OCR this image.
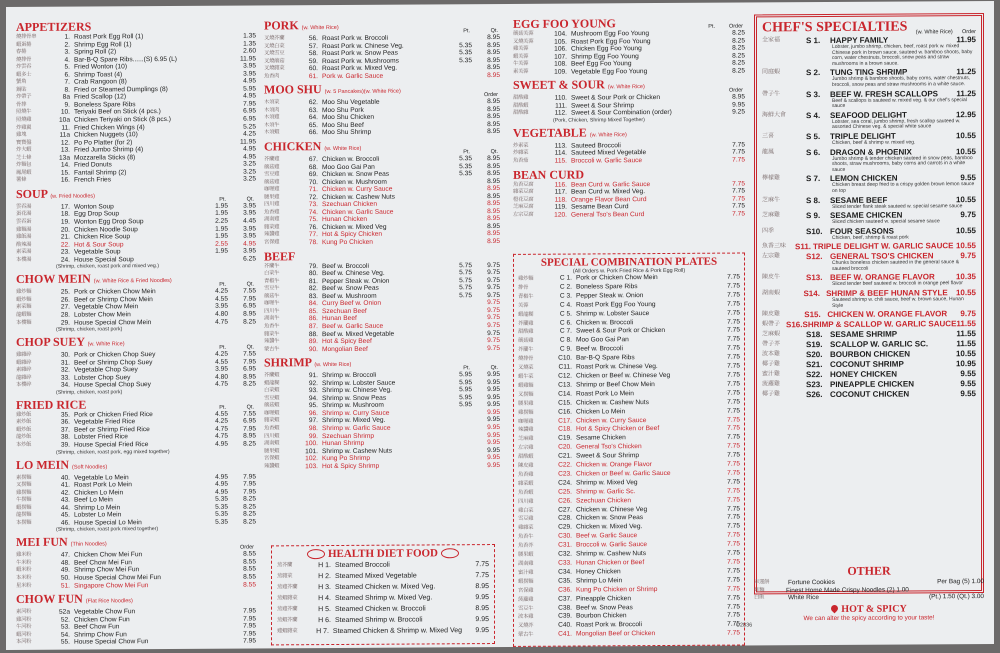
APPETIZERS
燒排骨串	1. Roast Pork Egg Roll (1)	1.35
蝦蛋捲	2. Shrimp Egg Roll (1)	1.35
春捲	3. Spring Roll (2)	2.60
燒排骨	4. Bar-B-Q Spare Ribs......(S) 6.95 (L)	11.95
炸雲吞	5. Fried Wonton (10)	3.95
蝦多士	6. Shrimp Toast (4)	3.95
蟹角	7. Crab Rangoon (8)	4.95
鍋貼	8. Fried or Steamed Dumplings (8)	5.95
炸帶子	8a Fried Scallop (12)	4.95
骨排	9. Boneless Spare Ribs	7.95
照燒牛	10. Teriyaki Beef on Stick (4 pcs.)	6.95
照燒雞	10a Chicken Teriyaki on Stick (8 pcs.)	6.95
炸雞翼	11. Fried Chicken Wings (4)	5.25
雞塊	11a Chicken Nuggets (10)	4.25
寶寶盤	12. Po Po Platter (for 2)	11.95
炸大蝦	13. Fried Jumbo Shrimp (4)	4.95
芝士條	13a Mozzarella Sticks (8)	4.95
炸麵包	14. Fried Donuts	3.25
鳳尾蝦	15. Fantail Shrimp (2)	3.25
薯條	16. French Fries	3.25
SOUP (w. Fried Noodles)	Pt.	Qt.
雲吞湯	17. Wonton Soup	1.95	3.95
蛋花湯	18. Egg Drop Soup	1.95	3.95
雲吞蛋	19. Wonton Egg Drop Soup	2.25	4.45
雞麵湯	20. Chicken Noodle Soup	1.95	3.95
雞飯湯	21. Chicken Rice Soup	1.95	3.95
酸辣湯	22. Hot & Sour Soup	2.55	4.95
素菜湯	23. Vegetable Soup	1.95	3.95
本樓湯	24. House Special Soup	6.25
(Shrimp, chicken, roast pork and mixed veg.)
CHOW MEIN (w. White Rice & Fried Noodles)
Pt.	Qt.
雞炒麵	25. Pork or Chicken Chow Mein	4.25	7.55
蝦炒麵	26. Beef or Shrimp Chow Mein	4.55	7.95
素菜麵	27. Vegetable Chow Mein	3.95	6.95
龍蝦麵	28. Lobster Chow Mein	4.80	8.95
本樓麵	29. House Special Chow Mein	4.75	8.25
(Shrimp, chicken, roast pork)
CHOP SUEY (w. White Rice)
Pt.	Qt.
雞雜碎	30. Pork or Chicken Chop Suey	4.25	7.55
蝦雜碎	31. Beef or Shrimp Chop Suey	4.55	7.95
素雜碎	32. Vegetable Chop Suey	3.95	6.95
龍雜碎	33. Lobster Chop Suey	4.80	8.95
本樓碎	34. House Special Chop Suey	4.75	8.25
(Shrimp, chicken, roast pork)
FRIED RICE	Pt.	Qt.
雞炒飯	35. Pork or Chicken Fried Rice	4.55	7.55
素炒飯	36. Vegetable Fried Rice	4.25	6.95
蝦炒飯	37. Beef or Shrimp Fried Rice	4.75	7.95
龍炒飯	38. Lobster Fried Rice	4.75	8.95
本炒飯	39. House Special Fried Rice	4.95	8.25
(Shrimp, chicken, roast pork, egg mixed together)
LO MEIN (Soft Noodles)
素撈麵	40. Vegetable Lo Mein	4.95	7.95
叉撈麵	41. Roast Pork Lo Mein	4.95	7.95
雞撈麵	42. Chicken Lo Mein	4.95	7.95
牛撈麵	43. Beef Lo Mein	5.35	8.25
蝦撈麵	44. Shrimp Lo Mein	5.35	8.25
龍撈麵	45. Lobster Lo Mein	5.35	8.25
本撈麵	46. House Special Lo Mein	5.35	8.25
(Shrimp, chicken, roast pork mixed together)
MEI FUN (Thin Noodles)	Order
雞米粉	47. Chicken Chow Mei Fun	8.55
牛米粉	48. Beef Chow Mei Fun	8.55
蝦米粉	49. Shrimp Chow Mei Fun	8.55
本米粉	50. House Special Chow Mei Fun	8.55
星米粉	51. Singapore Chow Mei Fun	8.55
CHOW FUN (Flat Rice Noodles)
素河粉	52a Vegetable Chow Fun	7.95
雞河粉	52. Chicken Chow Fun	7.95
牛河粉	53. Beef Chow Fun	7.95
蝦河粉	54. Shrimp Chow Fun	7.95
本河粉	55. House Special Chow Fun	7.95
PORK (w. White Rice)	Pt.	Qt.
叉燒芥蘭	56. Roast Pork w. Broccoli	8.95
叉燒白菜	57. Roast Pork w. Chinese Veg.	5.35	8.95
叉燒雪豆	58. Roast Pork w. Snow Peas	5.35	8.95
叉燒蘑菇	59. Roast Pork w. Mushrooms	5.35	8.95
叉燒雜菜	60. Roast Pork w. Mixed Veg.	8.95
魚香肉	61. Pork w. Garlic Sauce	8.95
MOO SHU (w. 5 Pancakes)(w. White Rice)	Order
木須菜	62. Moo Shu Vegetable	8.95
木須肉	63. Moo Shu Pork	8.95
木須雞	64. Moo Shu Chicken	8.95
木須牛	65. Moo Shu Beef	8.95
木須蝦	66. Moo Shu Shrimp	8.95
CHICKEN (w. White Rice)
Pt.	Qt.
芥蘭雞	67. Chicken w. Broccoli	5.35	8.95
蘑菇雞	68. Moo Goo Gai Pan	5.35	8.95
雪豆雞	69. Chicken w. Snow Peas	5.35	8.95
蘑菇雞	70. Chicken w. Mushroom	8.95
咖喱雞	71. Chicken w. Curry Sauce	8.95
腰果雞	72. Chicken w. Cashew Nuts	8.95
四川雞	73. Szechuan Chicken	8.95
魚香雞	74. Chicken w. Garlic Sauce	8.95
湖南雞	75. Hunan Chicken	8.95
雜菜雞	76. Chicken w. Mixed Veg	8.95
辣醬雞	77. Hot & Spicy Chicken	8.95
宮保雞	78. Kung Po Chicken	8.95
BEEF
芥蘭牛	79. Beef w. Broccoli	5.75	9.75
白菜牛	80. Beef w. Chinese Veg.	5.75	9.75
青椒牛	81. Pepper Steak w. Onion	5.75	9.75
雪豆牛	82. Beef w. Snow Peas	5.75	9.75
蘑菇牛	83. Beef w. Mushroom	5.75	9.75
咖喱牛	84. Curry Beef w. Onion	9.75
四川牛	85. Szechuan Beef	9.75
湖南牛	86. Hunan Beef	9.75
魚香牛	87. Beef w. Garlic Sauce	9.75
雜菜牛	88. Beef w. Mixed Vegetable	9.75
辣醬牛	89. Hot & Spicy Beef	9.75
蒙古牛	90. Mongolian Beef	9.75
SHRIMP (w. White Rice)
Pt.	Qt.
芥蘭蝦	91. Shrimp w. Broccoli	5.95	9.95
蝦龍糊	92. Shrimp w. Lobster Sauce	5.95	9.95
白菜蝦	93. Shrimp w. Chinese Veg.	5.95	9.95
雪豆蝦	94. Shrimp w. Snow Peas	5.95	9.95
蘑菇蝦	95. Shrimp w. Mushroom	5.95	9.95
咖喱蝦	96. Shrimp w. Curry Sauce	9.95
雜菜蝦	97. Shrimp w. Mixed Veg.	9.95
魚香蝦	98. Shrimp w. Garlic Sauce	9.95
四川蝦	99. Szechuan Shrimp	9.95
湖南蝦	100. Hunan Shrimp	9.95
腰果蝦	101. Shrimp w. Cashew Nuts	9.95
宮保蝦	102. Kung Po Shrimp	9.95
辣醬蝦	103. Hot & Spicy Shrimp	9.95
EGG FOO YOUNG	Pt.	Order
蘑菇芙蓉	104. Mushroom Egg Foo Young	8.25
叉燒芙蓉	105. Roast Pork Egg Foo Young	8.25
雞芙蓉	106. Chicken Egg Foo Young	8.25
蝦芙蓉	107. Shrimp Egg Foo Young	8.25
牛芙蓉	108. Beef Egg Foo Young	8.25
素芙蓉	109. Vegetable Egg Foo Young	8.25
SWEET & SOUR (w. White Rice)
Order
甜酸雞	110. Sweet & Sour Pork or Chicken	8.95
甜酸蝦	111. Sweet & Sour Shrimp	9.95
甜酸雜	112. Sweet & Sour Combination (order)	9.25
(Pork, Chicken, Shrimp Mixed Together)
VEGETABLE (w. White Rice)
炒素菜	113. Sauteed Broccoli	7.75
炒雜菜	114. Sauteed Mixed Vegetable	7.75
魚香茄	115. Broccoli w. Garlic Sauce	7.75
BEAN CURD
魚香豆腐	116. Bean Curd w. Garlic Sauce	7.75
雜菜豆腐	117. Bean Curd w. Mixed Veg.	7.75
橙花豆腐	118. Orange Flavor Bean Curd	7.75
芝麻豆腐	119. Sesame Bean Curd	7.75
左宗豆腐	120. General Tso's Bean Curd	7.75
SPECIAL COMBINATION PLATES
(All Orders w. Pork Fried Rice & Pork Egg Roll)
雞炒麵	C 1. Pork or Chicken Chow Mein	7.75
排骨	C 2. Boneless Spare Ribs	7.75
青椒牛	C 3. Pepper Steak w. Onion	7.75
芙蓉	C 4. Roast Pork Egg Foo Young	7.75
蝦龍糊	C 5. Shrimp w. Lobster Sauce	7.75
芥蘭雞	C 6. Chicken w. Broccoli	7.75
甜酸雞	C 7. Sweet & Sour Pork or Chicken	7.75
蘑菇雞	C 8. Moo Goo Gai Pan	7.75
芥蘭牛	C 9. Beef w. Broccoli	7.75
燒排骨	C10. Bar-B-Q Spare Ribs	7.75
叉燒菜	C11. Roast Pork w. Chinese Veg.	7.75
蝦牛菜	C12. Chicken or Beef w. Chinese Veg	7.75
蝦雞麵	C13. Shrimp or Beef Chow Mein	7.75
叉撈麵	C14. Roast Pork Lo Mein	7.75
腰果雞	C15. Chicken w. Cashew Nuts	7.75
雞撈麵	C16. Chicken Lo Mein	7.75
咖喱雞	C17. Chicken w. Curry Sauce	7.75
辣醬雞	C18. Hot & Spicy Chicken or Beef	7.75
芝麻雞	C19. Sesame Chicken	7.75
左宗雞	C20. General Tso's Chicken	7.75
甜酸蝦	C21. Sweet & Sour Shrimp	7.75
陳皮雞	C22. Chicken w. Orange Flavor	7.75
魚香雞	C23. Chicken or Beef w. Garlic Sauce	7.75
雜菜蝦	C24. Shrimp w. Mixed Veg	7.75
魚香蝦	C25. Shrimp w. Garlic Sc.	7.75
四川雞	C26. Szechuan Chicken	7.75
雞白菜	C27. Chicken w. Chinese Veg	7.75
雪豆雞	C28. Chicken w. Snow Peas	7.75
雞雜菜	C29. Chicken w. Mixed Veg.	7.75
魚香牛	C30. Beef w. Garlic Sauce	7.75
魚香芥	C31. Broccoli w. Garlic Sauce	7.75
腰果蝦	C32. Shrimp w. Cashew Nuts	7.75
湖南雞	C33. Hunan Chicken or Beef	7.75
蜜汁雞	C34. Honey Chicken	7.75
蝦撈麵	C35. Shrimp Lo Mein	7.75
宮保雞	C36. Kung Po Chicken or Shrimp	7.75
菠蘿雞	C37. Pineapple Chicken	7.75
雪豆牛	C38. Beef w. Snow Peas	7.75
波本雞	C39. Bourbon Chicken	7.75
叉燒芥	C40. Roast Pork w. Broccoli	7.75
蒙古牛	C41. Mongolian Beef or Chicken	7.75
HEALTH DIET FOOD
蒸芥蘭	H 1. Steamed Broccoli	7.75
蒸雜菜	H 2. Steamed Mixed Vegetable	7.75
蒸雞芥蘭	H 3. Steamed Chicken w. Mixed Veg.	8.95
蒸蝦雜菜	H 4. Steamed Shrimp w. Mixed Veg.	9.95
蒸雞芥蘭	H 5. Steamed Chicken w. Broccoli	8.95
蒸蝦芥蘭	H 6. Steamed Shrimp w. Broccoli	9.95
雞蝦雜菜	H 7. Steamed Chicken & Shrimp w. Mixed Veg	9.95
CHEF'S SPECIALTIES	(w. White Rice) Order
全家福	S 1.	HAPPY FAMILY	11.95
Lobster, jumbo shrimp, chicken, beef, roast pork w. mixed Chinese pork in brown sauce, sauteed w. bamboo shoots, baby corn, water chestnuts, broccoli, snow peas and straw mushrooms in a brown sauce.
同庭蝦	S 2.	TUNG TING SHRIMP	11.25
Jumbo shrimp & bamboo shoots, baby corns, water chestnuts, broccoli, snow peas and straw mushrooms in a white sauce.
帶子牛	S 3.	BEEF W. FRESH SCALLOPS	11.25
Beef & scallops is sauteed w. mixed veg. & our chef's special sauce
海鮮大會	S 4.	SEAFOOD DELIGHT	12.95
Lobster, sea coral, jumbo shrimp, fresh scallop sauteed w. assorted Chinese veg. & special white sauce
三喜	S 5.	TRIPLE DELIGHT	10.55
Chicken, beef & shrimp w. mixed veg.
龍鳳	S 6.	DRAGON & PHOENIX	10.55
Jumbo shrimp & tender chicken sauteed in snow peas, bamboo shoots, straw mushrooms, baby corns and carrots in a white sauce
檸檬雞	S 7.	LEMON CHICKEN	9.55
Chicken breast deep fried to a crispy golden brown lemon sauce on top
芝麻牛	S 8.	SESAME BEEF	10.55
Sliced tender flank steak sauteed w. special sesame sauce
芝麻雞	S 9.	SESAME CHICKEN	9.75
Sliced chicken sauteed w. special sesame sauce
四季	S10. FOUR SEASONS	10.55
Chicken, beef, shrimp & roast pork
魚香三味	S11. TRIPLE DELIGHT W. GARLIC SAUCE 10.55
左宗雞	S12. GENERAL TSO'S CHICKEN	9.75
Chunks boneless chicken sauteed in the general sauce & sauteed broccoli
陳皮牛	S13. BEEF W. ORANGE FLAVOR	10.35
Sliced tender beef sauteed w. broccoli in orange peel flavor
湖南蝦	S14. SHRIMP & BEEF HUNAN STYLE	10.55
Sauteed shrimp w. chili sauce, beef w. brown sauce, Hunan Style
陳皮雞	S15. CHICKEN W. ORANGE FLAVOR	9.75
蝦帶子 S16. SHRIMP & SCALLOP W. GARLIC SAUCE 11.55
芝麻蝦	S18. SESAME SHRIMP	11.55
帶子芥	S19. SCALLOP W. GARLIC SC.	11.55
波本雞	S20. BOURBON CHICKEN	10.55
椰子雞	S21. COCONUT SHRIMP	10.95
蜜汁雞	S22. HONEY CHICKEN	9.55
菠蘿雞	S23. PINEAPPLE CHICKEN	9.55
椰子雞	S26. COCONUT CHICKEN	9.55
OTHER
幸運餅	Fortune Cookies	Per Bag (5) 1.00
炸麵	Finest Home Made Crispy Noodles (2) 1.00
白飯	White Rice	(Pt.) 1.50 (Qt.) 3.00
HOT & SPICY
We can alter the spicy according to your taste!
C2836
